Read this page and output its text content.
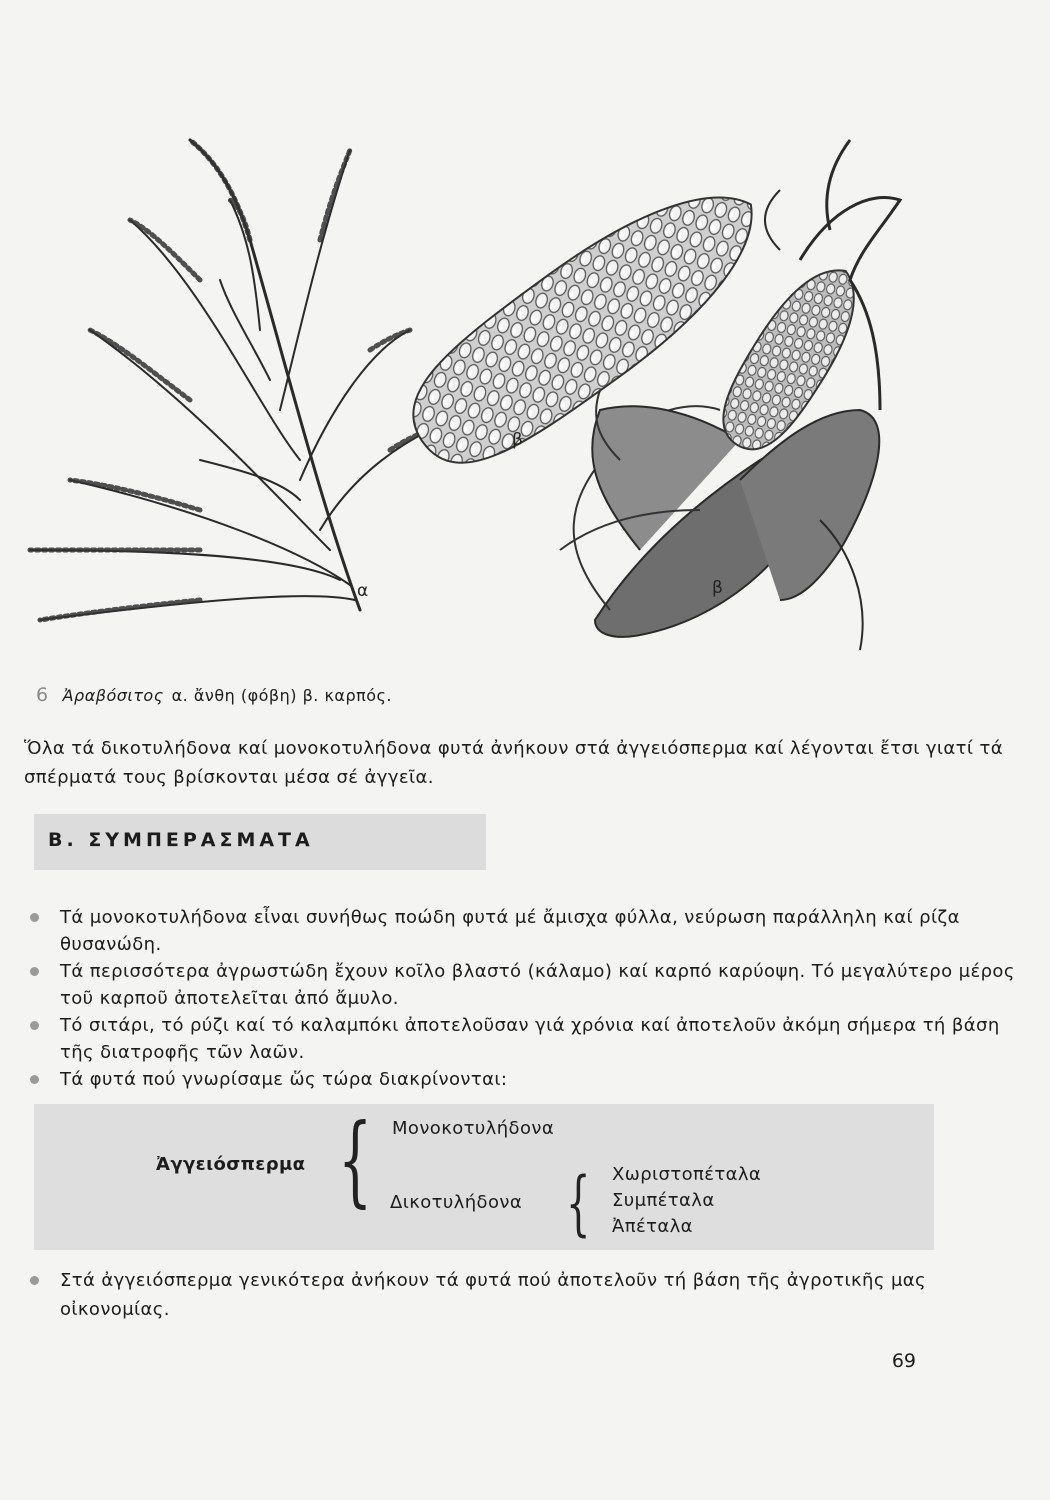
α
β
β
6 Ἀραβόσιτος α. ἄνθη (φόβη) β. καρπός.
Ὅλα τά δικοτυλήδονα καί μονοκοτυλήδονα φυτά ἀνήκουν στά ἀγγειόσπερμα καί λέγονται ἔτσι γιατί τά σπέρματά τους βρίσκονται μέσα σέ ἀγγεῖα.
Β. ΣΥΜΠΕΡΑΣΜΑΤΑ
Τά μονοκοτυλήδονα εἶναι συνήθως ποώδη φυτά μέ ἄμισχα φύλλα, νεύρωση παράλληλη καί ρίζα θυσανώδη.
Τά περισσότερα ἀγρωστώδη ἔχουν κοῖλο βλαστό (κάλαμο) καί καρπό καρύοψη. Τό μεγαλύτερο μέρος τοῦ καρποῦ ἀποτελεῖται ἀπό ἄμυλο.
Τό σιτάρι, τό ρύζι καί τό καλαμπόκι ἀποτελοῦσαν γιά χρόνια καί ἀποτελοῦν ἀκόμη σήμερα τή βάση τῆς διατροφῆς τῶν λαῶν.
Τά φυτά πού γνωρίσαμε ὥς τώρα διακρίνονται:
Ἀγγειόσπερμα { Μονοκοτυλήδονα
Δικοτυλήδονα { Χωριστοπέταλα
Συμπέταλα
Ἀπέταλα
Στά ἀγγειόσπερμα γενικότερα ἀνήκουν τά φυτά πού ἀποτελοῦν τή βάση τῆς ἀγροτικῆς μας οἰκονομίας.
69
